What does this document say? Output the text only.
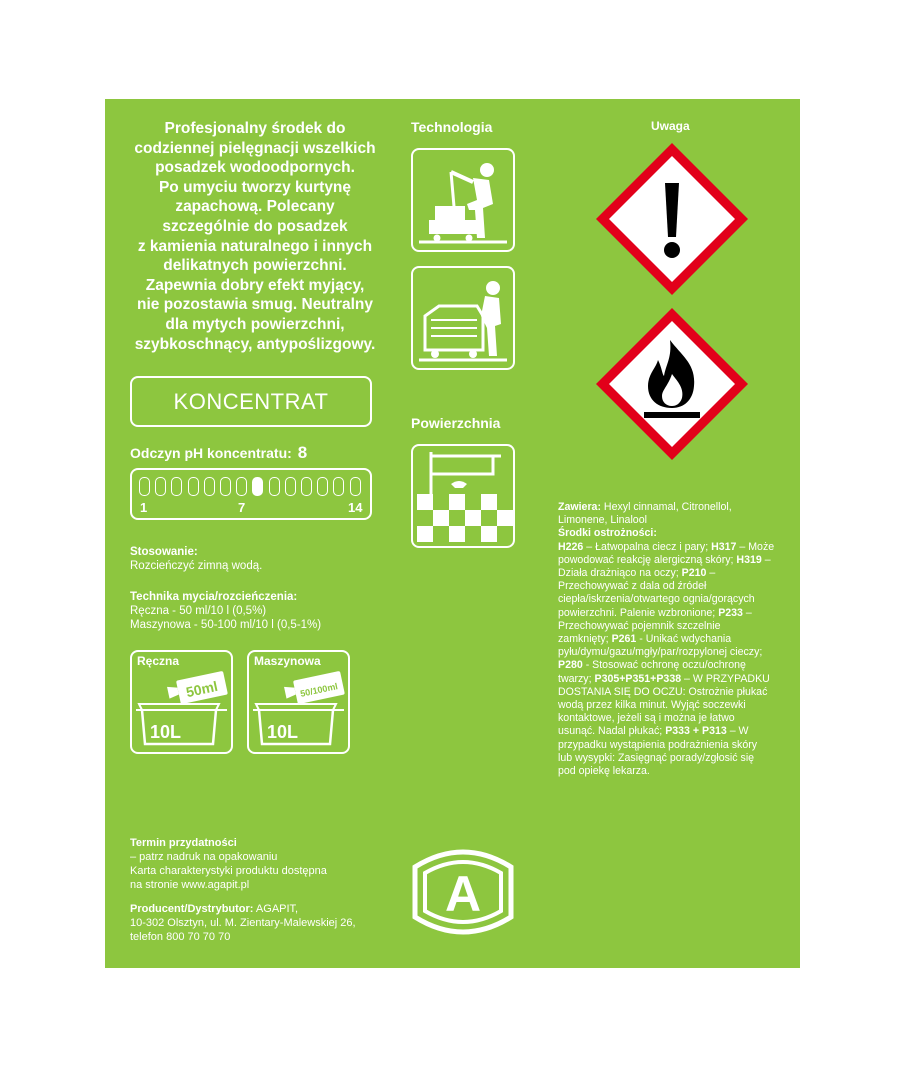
Profesjonalny środek do
codziennej pielęgnacji wszelkich
posadzek wodoodpornych.
Po umyciu tworzy kurtynę
zapachową. Polecany
szczególnie do posadzek
z kamienia naturalnego i innych
delikatnych powierzchni.
Zapewnia dobry efekt myjący,
nie pozostawia smug. Neutralny
dla mytych powierzchni,
szybkoschnący, antypoślizgowy.
KONCENTRAT
Odczyn pH koncentratu: 8
1	7	14
Stosowanie:
Rozcieńczyć zimną wodą.
Technika mycia/rozcieńczenia:
Ręczna - 50 ml/10 l (0,5%)
Maszynowa - 50-100 ml/10 l (0,5-1%)
Ręczna
50ml
10L
Maszynowa
50/100ml
10L
Termin przydatności
– patrz nadruk na opakowaniu
Karta charakterystyki produktu dostępna
na stronie www.agapit.pl
Producent/Dystrybutor: AGAPIT,
10-302 Olsztyn, ul. M. Zientary-Malewskiej 26,
telefon 800 70 70 70
Technologia
Powierzchnia
A
Uwaga
Zawiera: Hexyl cinnamal, Citronellol,
Limonene, Linalool
Środki ostrożności:
H226 – Łatwopalna ciecz i pary; H317 – Może
powodować reakcję alergiczną skóry; H319 –
Działa drażniąco na oczy; P210 –
Przechowywać z dala od źródeł
ciepła/iskrzenia/otwartego ognia/gorących
powierzchni. Palenie wzbronione; P233 –
Przechowywać pojemnik szczelnie
zamknięty; P261 - Unikać wdychania
pyłu/dymu/gazu/mgły/par/rozpylonej cieczy;
P280 - Stosować ochronę oczu/ochronę
twarzy; P305+P351+P338 – W PRZYPADKU
DOSTANIA SIĘ DO OCZU: Ostrożnie płukać
wodą przez kilka minut. Wyjąć soczewki
kontaktowe, jeżeli są i można je łatwo
usunąć. Nadal płukać; P333 + P313 – W
przypadku wystąpienia podrażnienia skóry
lub wysypki: Zasięgnąć porady/zgłosić się
pod opiekę lekarza.
